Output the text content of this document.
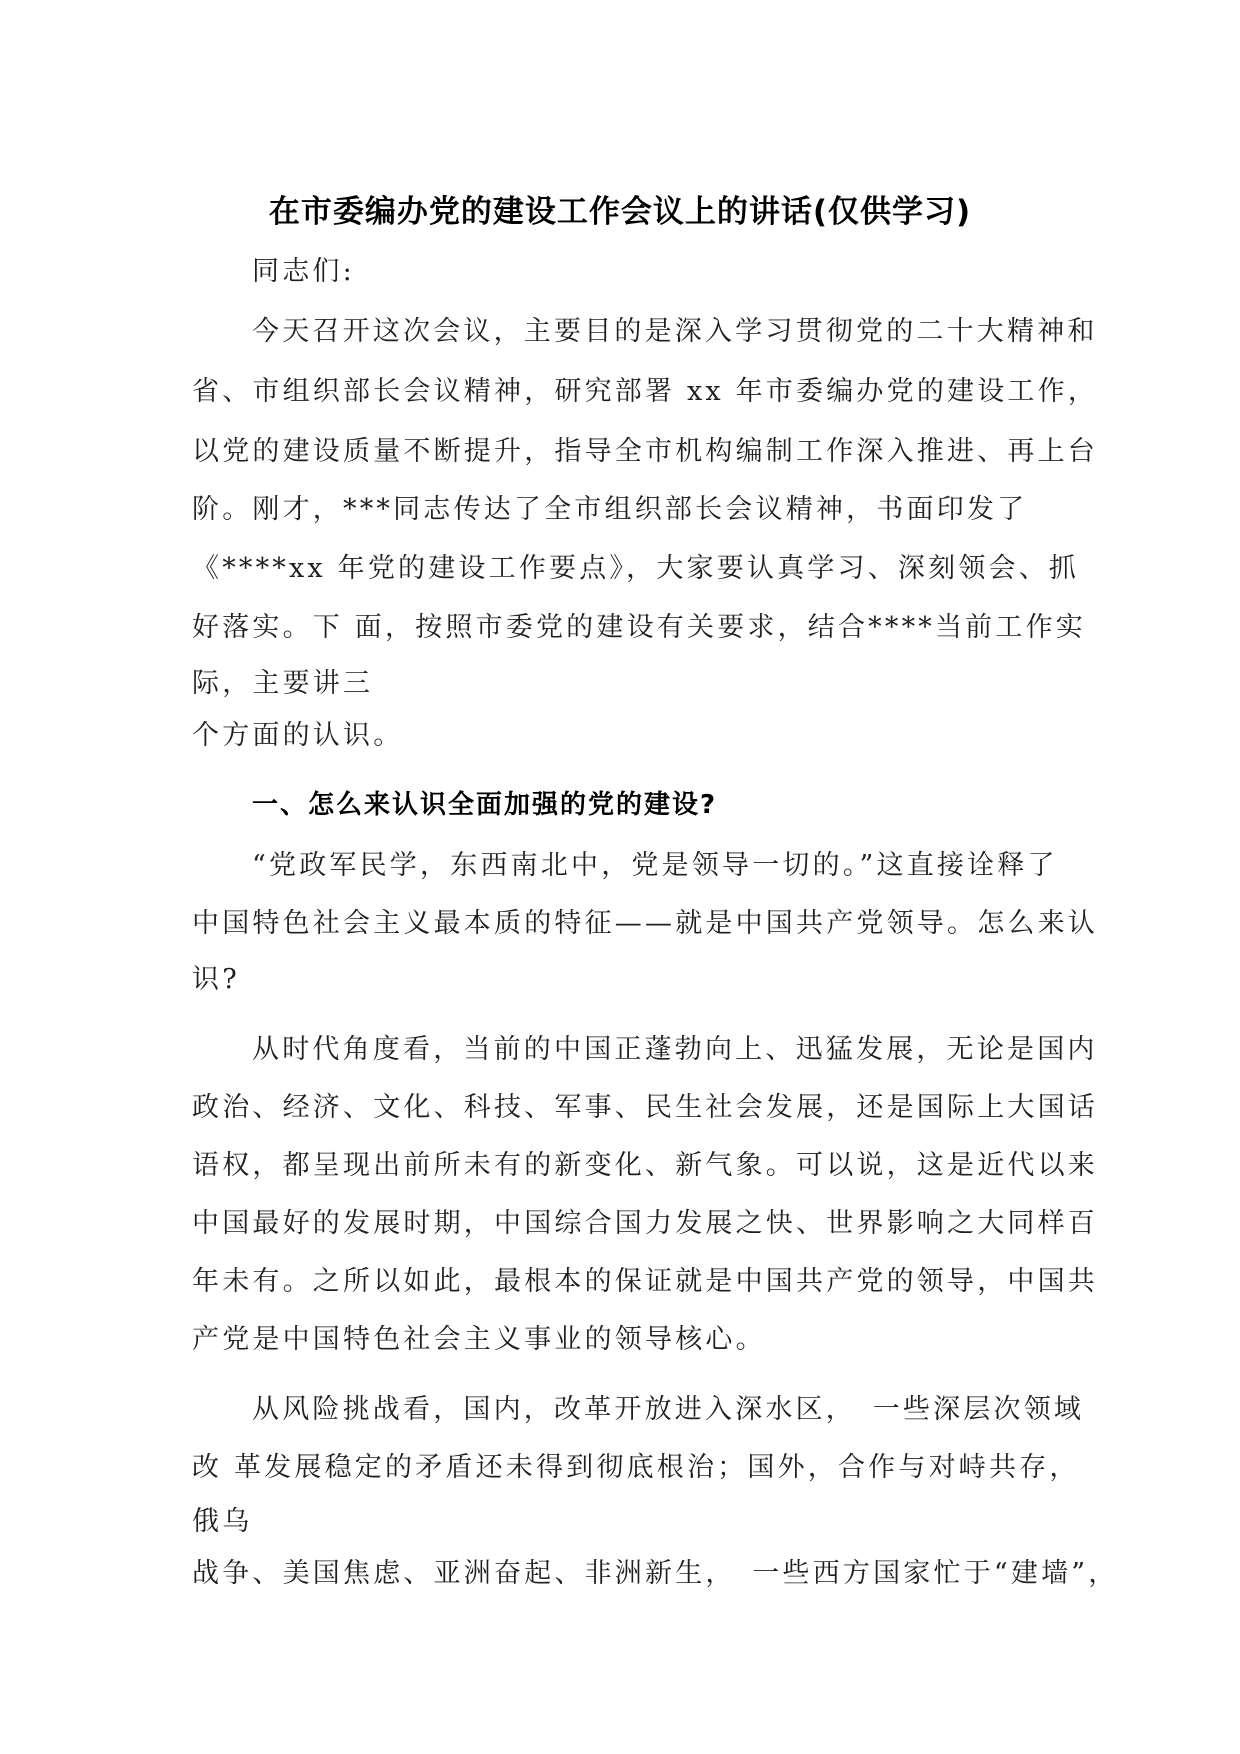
在市委编办党的建设工作会议上的讲话(仅供学习)
同志们:
今天召开这次会议，主要目的是深入学习贯彻党的二十大精神和
省、市组织部长会议精神，研究部署 xx 年市委编办党的建设工作，
以党的建设质量不断提升，指导全市机构编制工作深入推进、再上台
阶。刚才，***同志传达了全市组织部长会议精神，书面印发了
《****xx 年党的建设工作要点》，大家要认真学习、深刻领会、抓
好落实。下 面，按照市委党的建设有关要求，结合****当前工作实
际，主要讲三
个方面的认识。
一、怎么来认识全面加强的党的建设?
“党政军民学，东西南北中，党是领导一切的。”这直接诠释了
中国特色社会主义最本质的特征——就是中国共产党领导。怎么来认
识?
从时代角度看，当前的中国正蓬勃向上、迅猛发展，无论是国内
政治、经济、文化、科技、军事、民生社会发展，还是国际上大国话
语权，都呈现出前所未有的新变化、新气象。可以说，这是近代以来
中国最好的发展时期，中国综合国力发展之快、世界影响之大同样百
年未有。之所以如此，最根本的保证就是中国共产党的领导，中国共
产党是中国特色社会主义事业的领导核心。
从风险挑战看，国内，改革开放进入深水区，　一些深层次领域
改 革发展稳定的矛盾还未得到彻底根治；国外，合作与对峙共存，
俄乌
战争、美国焦虑、亚洲奋起、非洲新生，　一些西方国家忙于“建墙”，
